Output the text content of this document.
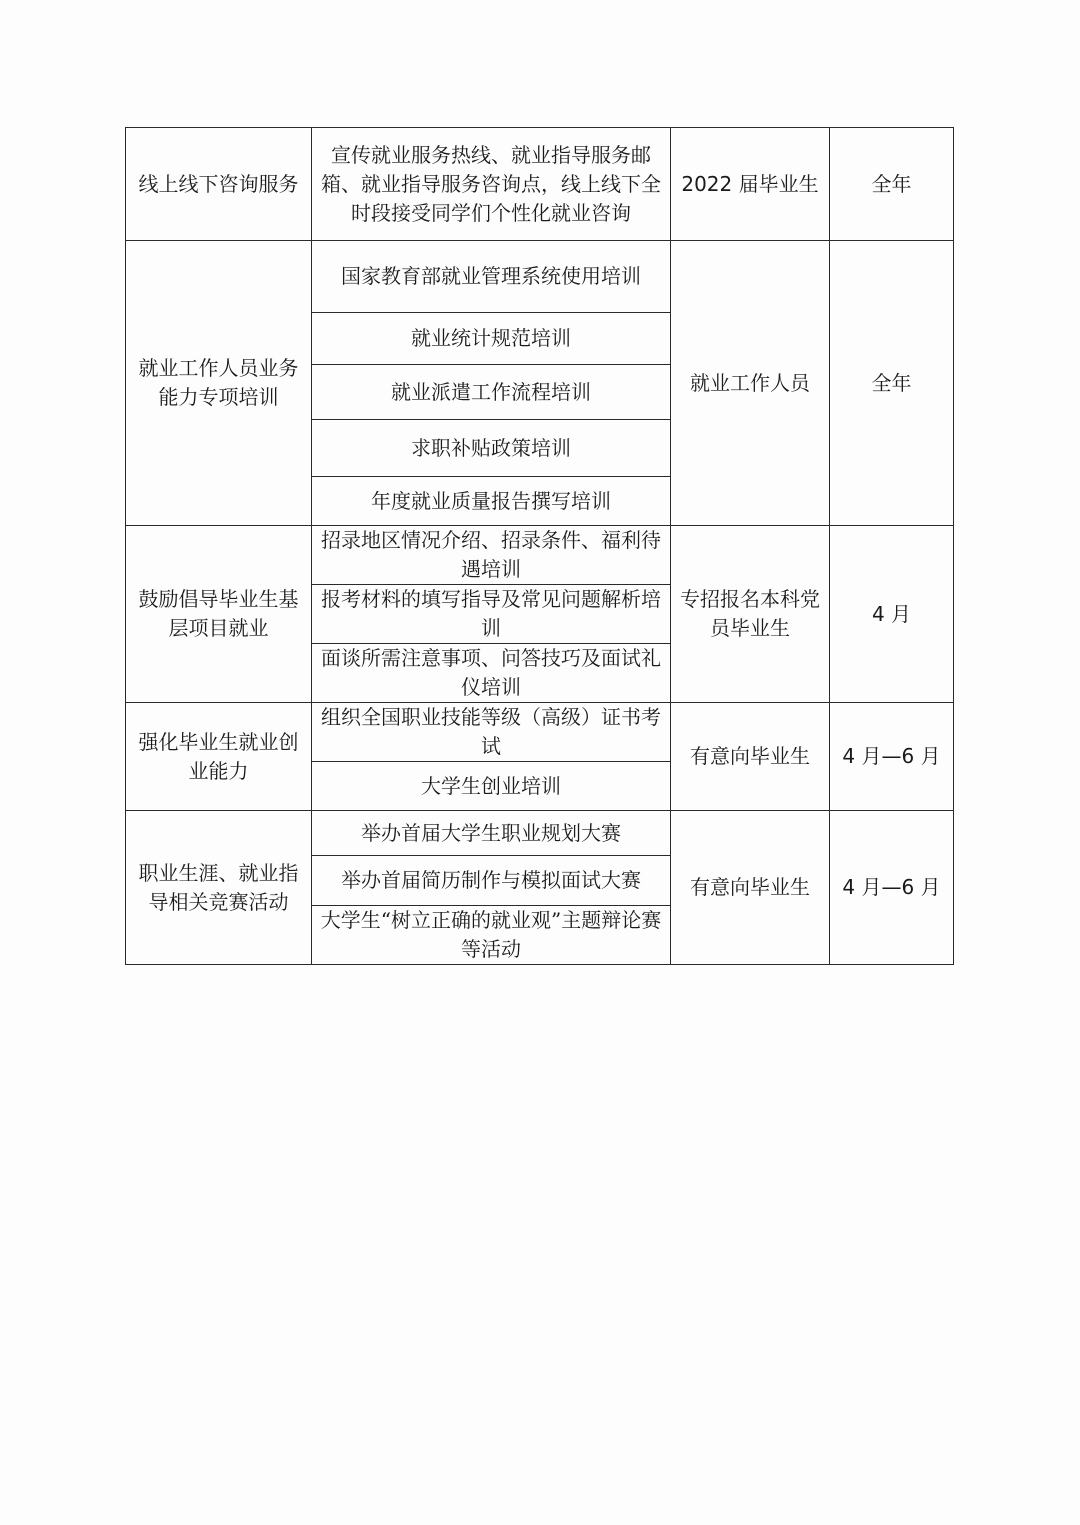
线上线下咨询服务	宣传就业服务热线、就业指导服务邮箱、就业指导服务咨询点，线上线下全时段接受同学们个性化就业咨询	2022 届毕业生	全年
就业工作人员业务能力专项培训	国家教育部就业管理系统使用培训	就业工作人员	全年
	就业统计规范培训		
	就业派遣工作流程培训		
	求职补贴政策培训		
	年度就业质量报告撰写培训		
鼓励倡导毕业生基层项目就业	招录地区情况介绍、招录条件、福利待遇培训	专招报名本科党员毕业生	4 月
	报考材料的填写指导及常见问题解析培训		
	面谈所需注意事项、问答技巧及面试礼仪培训		
强化毕业生就业创业能力	组织全国职业技能等级（高级）证书考试	有意向毕业生	4 月—6 月
	大学生创业培训		
职业生涯、就业指导相关竞赛活动	举办首届大学生职业规划大赛	有意向毕业生	4 月—6 月
	举办首届简历制作与模拟面试大赛		
	大学生“树立正确的就业观”主题辩论赛等活动		
